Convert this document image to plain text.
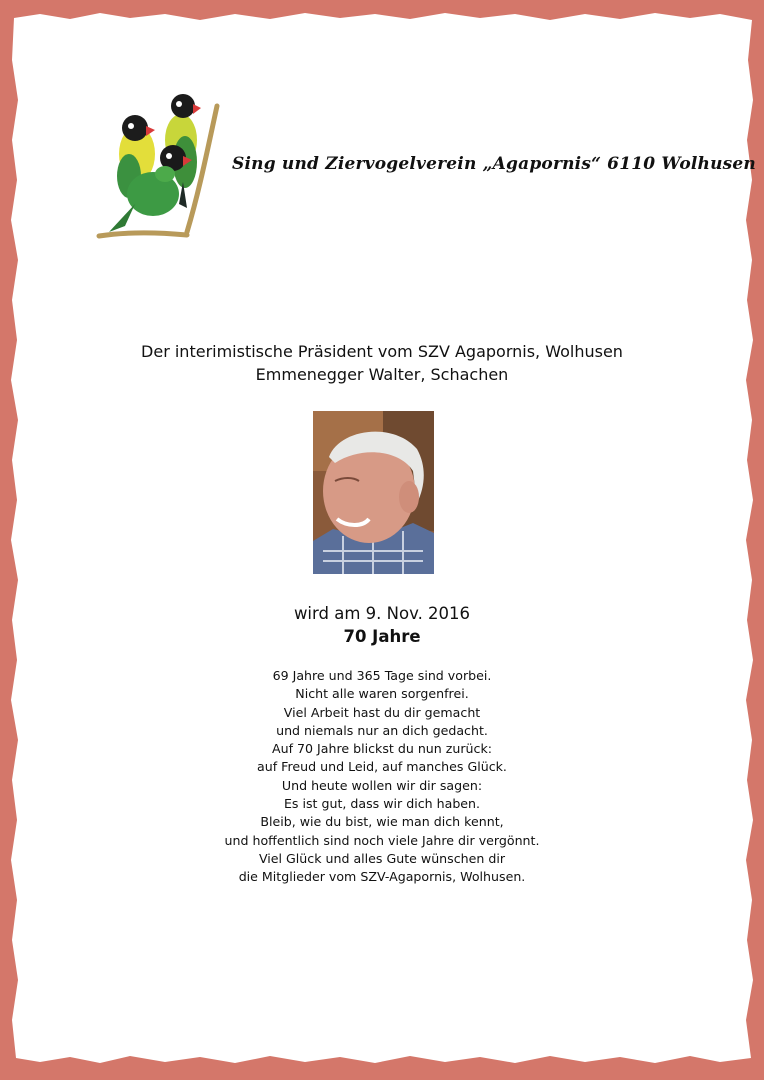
Sing und Ziervogelverein „Agapornis“ 6110 Wolhusen
Der interimistische Präsident vom SZV Agapornis, Wolhusen
Emmenegger Walter, Schachen
wird am 9. Nov. 2016
70 Jahre
69 Jahre und 365 Tage sind vorbei.
Nicht alle waren sorgenfrei.
Viel Arbeit hast du dir gemacht
und niemals nur an dich gedacht.
Auf 70 Jahre blickst du nun zurück:
auf Freud und Leid, auf manches Glück.
Und heute wollen wir dir sagen:
Es ist gut, dass wir dich haben.
Bleib, wie du bist, wie man dich kennt,
und hoffentlich sind noch viele Jahre dir vergönnt.
Viel Glück und alles Gute wünschen dir
die Mitglieder vom SZV-Agapornis, Wolhusen.
